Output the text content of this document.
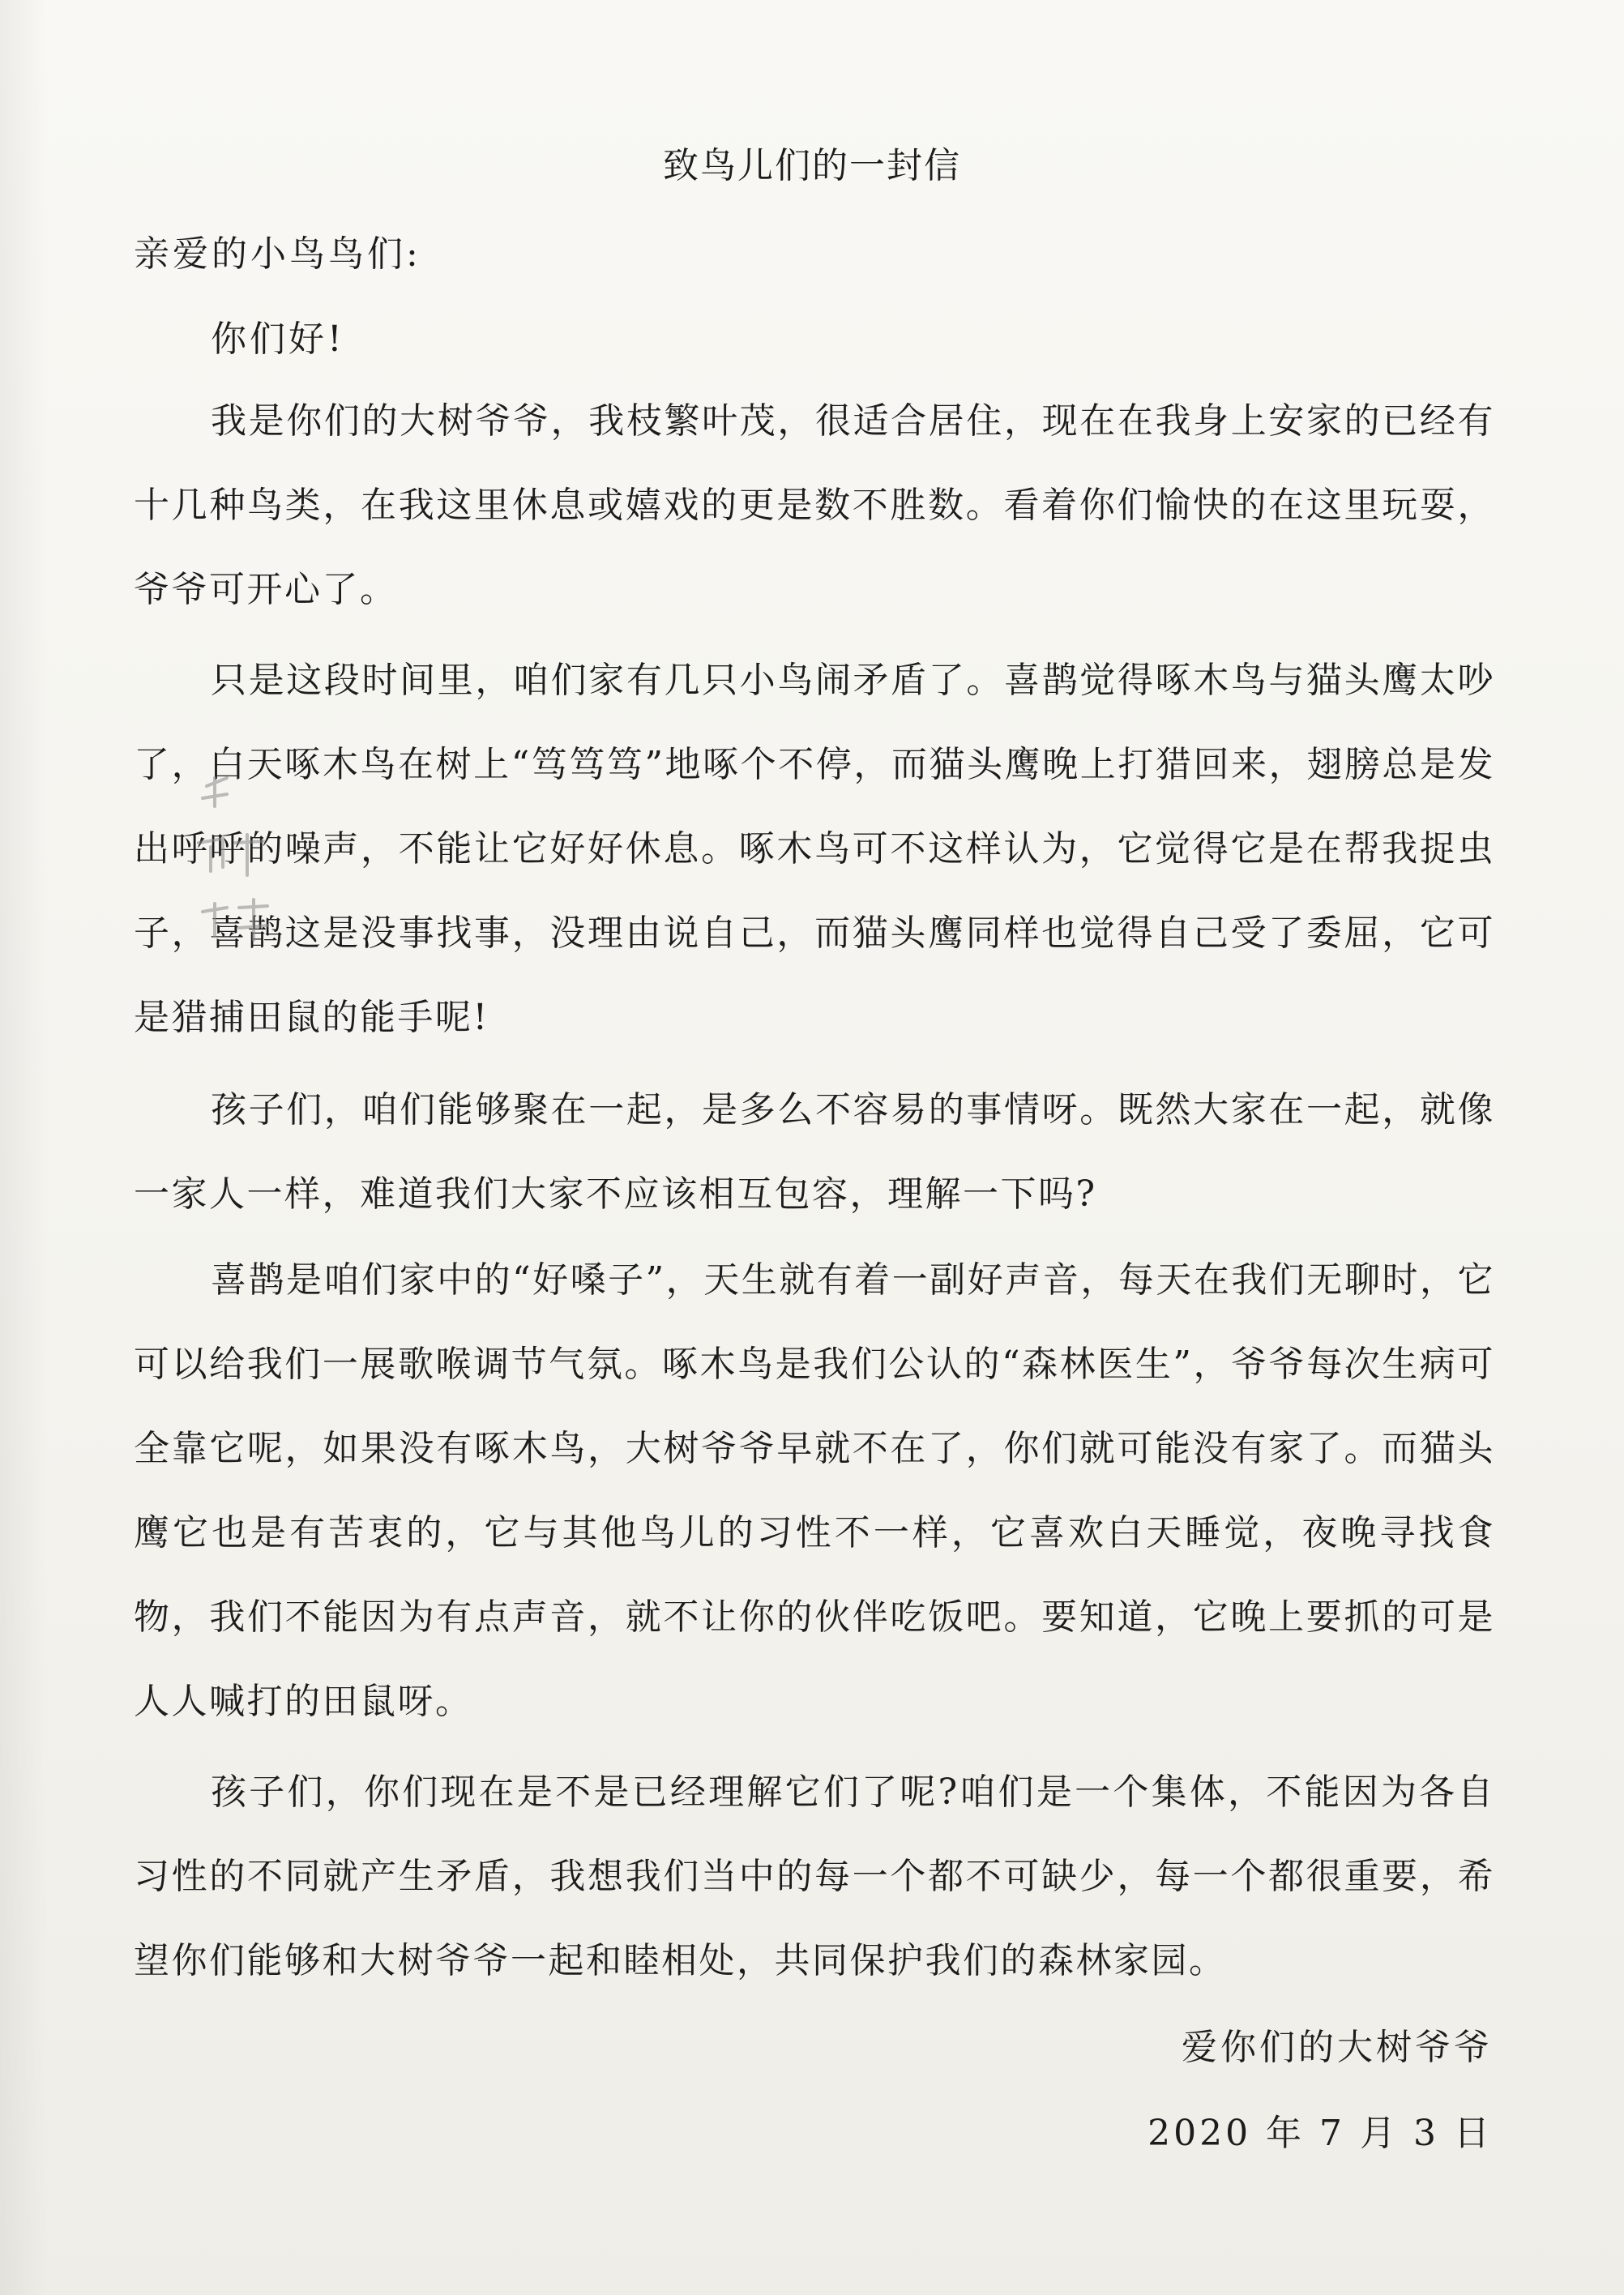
致鸟儿们的一封信
亲爱的小鸟鸟们:
你们好!

我是你们的大树爷爷，我枝繁叶茂，很适合居住，现在在我身上安家的已经有十几种鸟类，在我这里休息或嬉戏的更是数不胜数。看着你们愉快的在这里玩耍，爷爷可开心了。

只是这段时间里，咱们家有几只小鸟闹矛盾了。喜鹊觉得啄木鸟与猫头鹰太吵了，白天啄木鸟在树上“笃笃笃”地啄个不停，而猫头鹰晚上打猎回来，翅膀总是发出呼呼的噪声，不能让它好好休息。啄木鸟可不这样认为，它觉得它是在帮我捉虫子，喜鹊这是没事找事，没理由说自己，而猫头鹰同样也觉得自己受了委屈，它可是猎捕田鼠的能手呢!

孩子们，咱们能够聚在一起，是多么不容易的事情呀。既然大家在一起，就像一家人一样，难道我们大家不应该相互包容，理解一下吗?

喜鹊是咱们家中的“好嗓子”，天生就有着一副好声音，每天在我们无聊时，它可以给我们一展歌喉调节气氛。啄木鸟是我们公认的“森林医生”，爷爷每次生病可全靠它呢，如果没有啄木鸟，大树爷爷早就不在了，你们就可能没有家了。而猫头鹰它也是有苦衷的，它与其他鸟儿的习性不一样，它喜欢白天睡觉，夜晚寻找食物，我们不能因为有点声音，就不让你的伙伴吃饭吧。要知道，它晚上要抓的可是人人喊打的田鼠呀。

孩子们，你们现在是不是已经理解它们了呢?咱们是一个集体，不能因为各自习性的不同就产生矛盾，我想我们当中的每一个都不可缺少，每一个都很重要，希望你们能够和大树爷爷一起和睦相处，共同保护我们的森林家园。

爱你们的大树爷爷
2020 年 7 月 3 日
